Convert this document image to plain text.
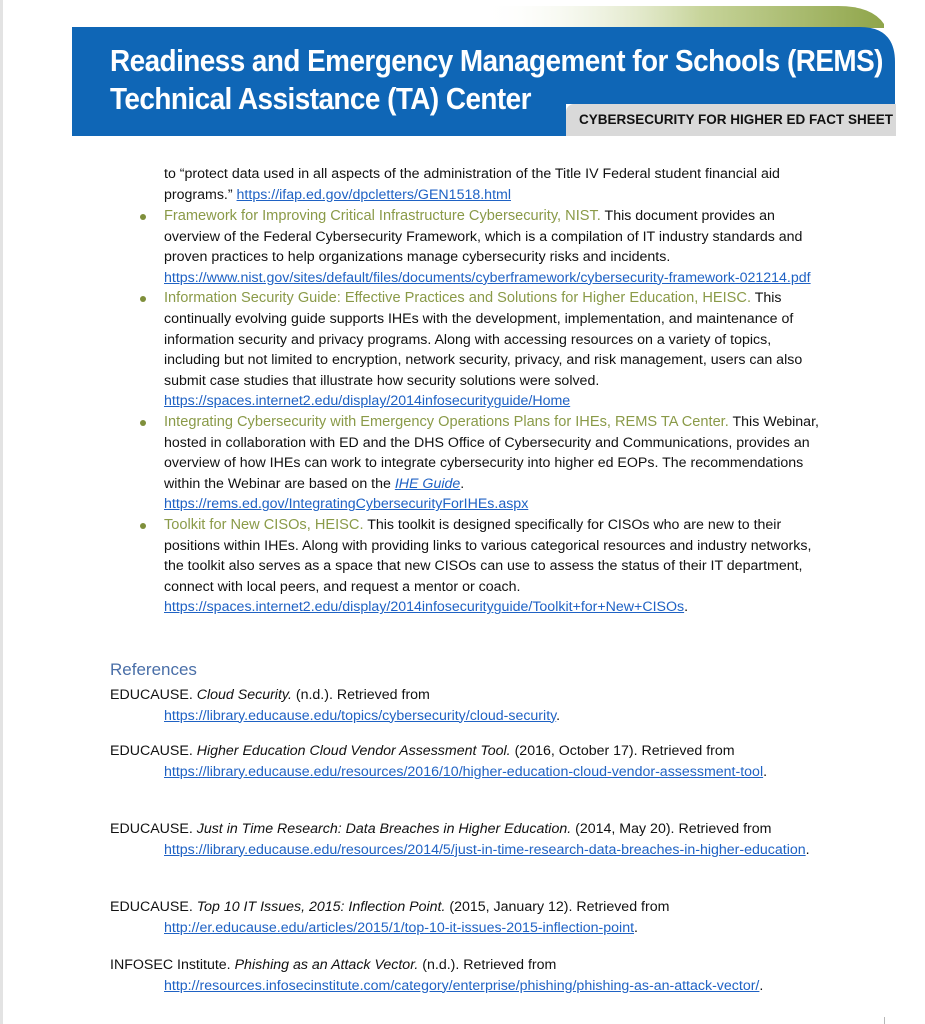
Readiness and Emergency Management for Schools (REMS)
Technical Assistance (TA) Center
CYBERSECURITY FOR HIGHER ED FACT SHEET

to “protect data used in all aspects of the administration of the Title IV Federal student financial aid programs.” https://ifap.ed.gov/dpcletters/GEN1518.html

Framework for Improving Critical Infrastructure Cybersecurity, NIST. This document provides an overview of the Federal Cybersecurity Framework, which is a compilation of IT industry standards and proven practices to help organizations manage cybersecurity risks and incidents. https://www.nist.gov/sites/default/files/documents/cyberframework/cybersecurity-framework-021214.pdf
Information Security Guide: Effective Practices and Solutions for Higher Education, HEISC. This continually evolving guide supports IHEs with the development, implementation, and maintenance of information security and privacy programs. Along with accessing resources on a variety of topics, including but not limited to encryption, network security, privacy, and risk management, users can also submit case studies that illustrate how security solutions were solved. https://spaces.internet2.edu/display/2014infosecurityguide/Home
Integrating Cybersecurity with Emergency Operations Plans for IHEs, REMS TA Center. This Webinar, hosted in collaboration with ED and the DHS Office of Cybersecurity and Communications, provides an overview of how IHEs can work to integrate cybersecurity into higher ed EOPs. The recommendations within the Webinar are based on the IHE Guide. https://rems.ed.gov/IntegratingCybersecurityForIHEs.aspx
Toolkit for New CISOs, HEISC. This toolkit is designed specifically for CISOs who are new to their positions within IHEs. Along with providing links to various categorical resources and industry networks, the toolkit also serves as a space that new CISOs can use to assess the status of their IT department, connect with local peers, and request a mentor or coach. https://spaces.internet2.edu/display/2014infosecurityguide/Toolkit+for+New+CISOs.
References

EDUCAUSE. Cloud Security. (n.d.). Retrieved from
https://library.educause.edu/topics/cybersecurity/cloud-security.

EDUCAUSE. Higher Education Cloud Vendor Assessment Tool. (2016, October 17). Retrieved from
https://library.educause.edu/resources/2016/10/higher-education-cloud-vendor-assessment-tool.

EDUCAUSE. Just in Time Research: Data Breaches in Higher Education. (2014, May 20). Retrieved from
https://library.educause.edu/resources/2014/5/just-in-time-research-data-breaches-in-higher-education.

EDUCAUSE. Top 10 IT Issues, 2015: Inflection Point. (2015, January 12). Retrieved from
http://er.educause.edu/articles/2015/1/top-10-it-issues-2015-inflection-point.

INFOSEC Institute. Phishing as an Attack Vector. (n.d.). Retrieved from
http://resources.infosecinstitute.com/category/enterprise/phishing/phishing-as-an-attack-vector/.
